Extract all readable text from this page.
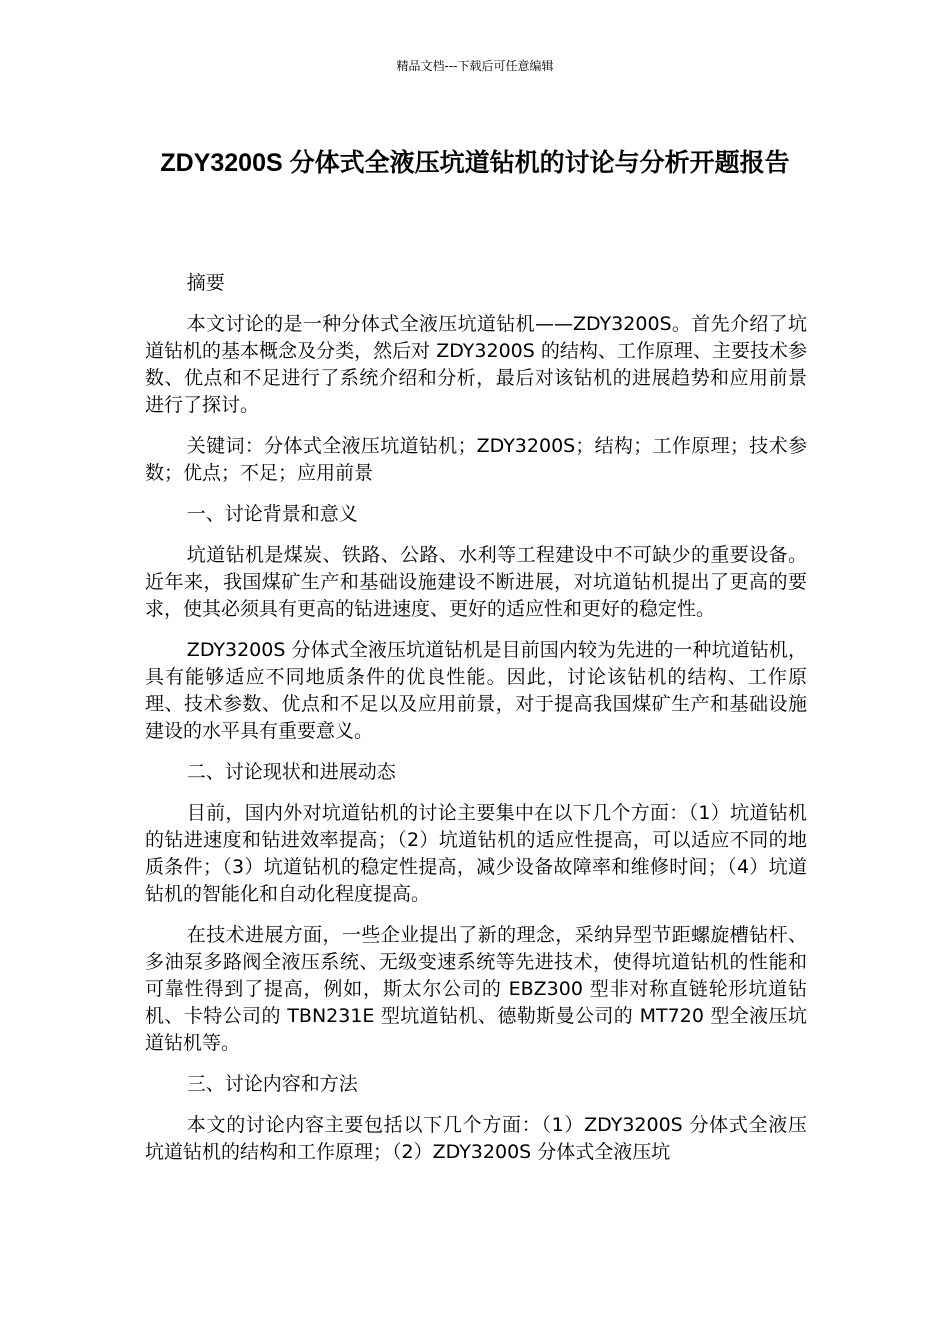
精品文档---下载后可任意编辑
ZDY3200S 分体式全液压坑道钻机的讨论与分析开题报告

摘要

本文讨论的是一种分体式全液压坑道钻机——ZDY3200S。首先介绍了坑道钻机的基本概念及分类，然后对 ZDY3200S 的结构、工作原理、主要技术参数、优点和不足进行了系统介绍和分析，最后对该钻机的进展趋势和应用前景进行了探讨。

关键词：分体式全液压坑道钻机；ZDY3200S；结构；工作原理；技术参数；优点；不足；应用前景

一、讨论背景和意义

坑道钻机是煤炭、铁路、公路、水利等工程建设中不可缺少的重要设备。近年来，我国煤矿生产和基础设施建设不断进展，对坑道钻机提出了更高的要求，使其必须具有更高的钻进速度、更好的适应性和更好的稳定性。

ZDY3200S 分体式全液压坑道钻机是目前国内较为先进的一种坑道钻机，具有能够适应不同地质条件的优良性能。因此，讨论该钻机的结构、工作原理、技术参数、优点和不足以及应用前景，对于提高我国煤矿生产和基础设施建设的水平具有重要意义。

二、讨论现状和进展动态

目前，国内外对坑道钻机的讨论主要集中在以下几个方面：（1）坑道钻机的钻进速度和钻进效率提高；（2）坑道钻机的适应性提高，可以适应不同的地质条件；（3）坑道钻机的稳定性提高，减少设备故障率和维修时间；（4）坑道钻机的智能化和自动化程度提高。

在技术进展方面，一些企业提出了新的理念，采纳异型节距螺旋槽钻杆、多油泵多路阀全液压系统、无级变速系统等先进技术，使得坑道钻机的性能和可靠性得到了提高，例如，斯太尔公司的 EBZ300 型非对称直链轮形坑道钻机、卡特公司的 TBN231E 型坑道钻机、德勒斯曼公司的 MT720 型全液压坑道钻机等。

三、讨论内容和方法

本文的讨论内容主要包括以下几个方面：（1）ZDY3200S 分体式全液压坑道钻机的结构和工作原理；（2）ZDY3200S 分体式全液压坑
